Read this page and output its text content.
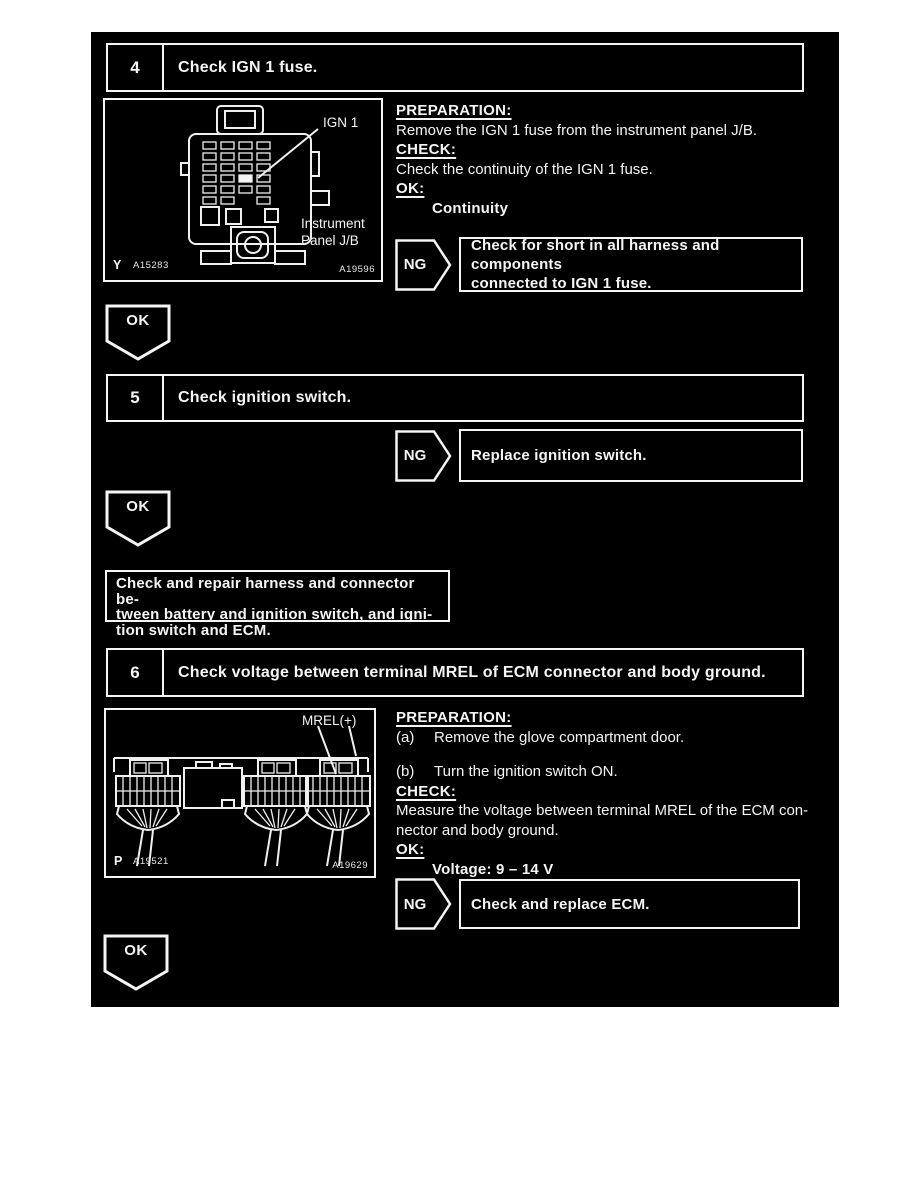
4	Check IGN 1 fuse.
IGN 1
Instrument
Panel J/B
Y A15283	A19596
PREPARATION:
Remove the IGN 1 fuse from the instrument panel J/B.
CHECK:
Check the continuity of the IGN 1 fuse.
OK:
Continuity
NG
Check for short in all harness and components
connected to IGN 1 fuse.
OK
5	Check ignition switch.
NG	Replace ignition switch.
OK
Check and repair harness and connector be-
tween battery and ignition switch, and igni-
tion switch and ECM.
6	Check voltage between terminal MREL of ECM connector and body ground.
MREL(+)
P A19521	A19629
PREPARATION:
(a)	Remove the glove compartment door.
(b)	Turn the ignition switch ON.
CHECK:
Measure the voltage between terminal MREL of the ECM con-
nector and body ground.
OK:
Voltage: 9 – 14 V
NG	Check and replace ECM.
OK
